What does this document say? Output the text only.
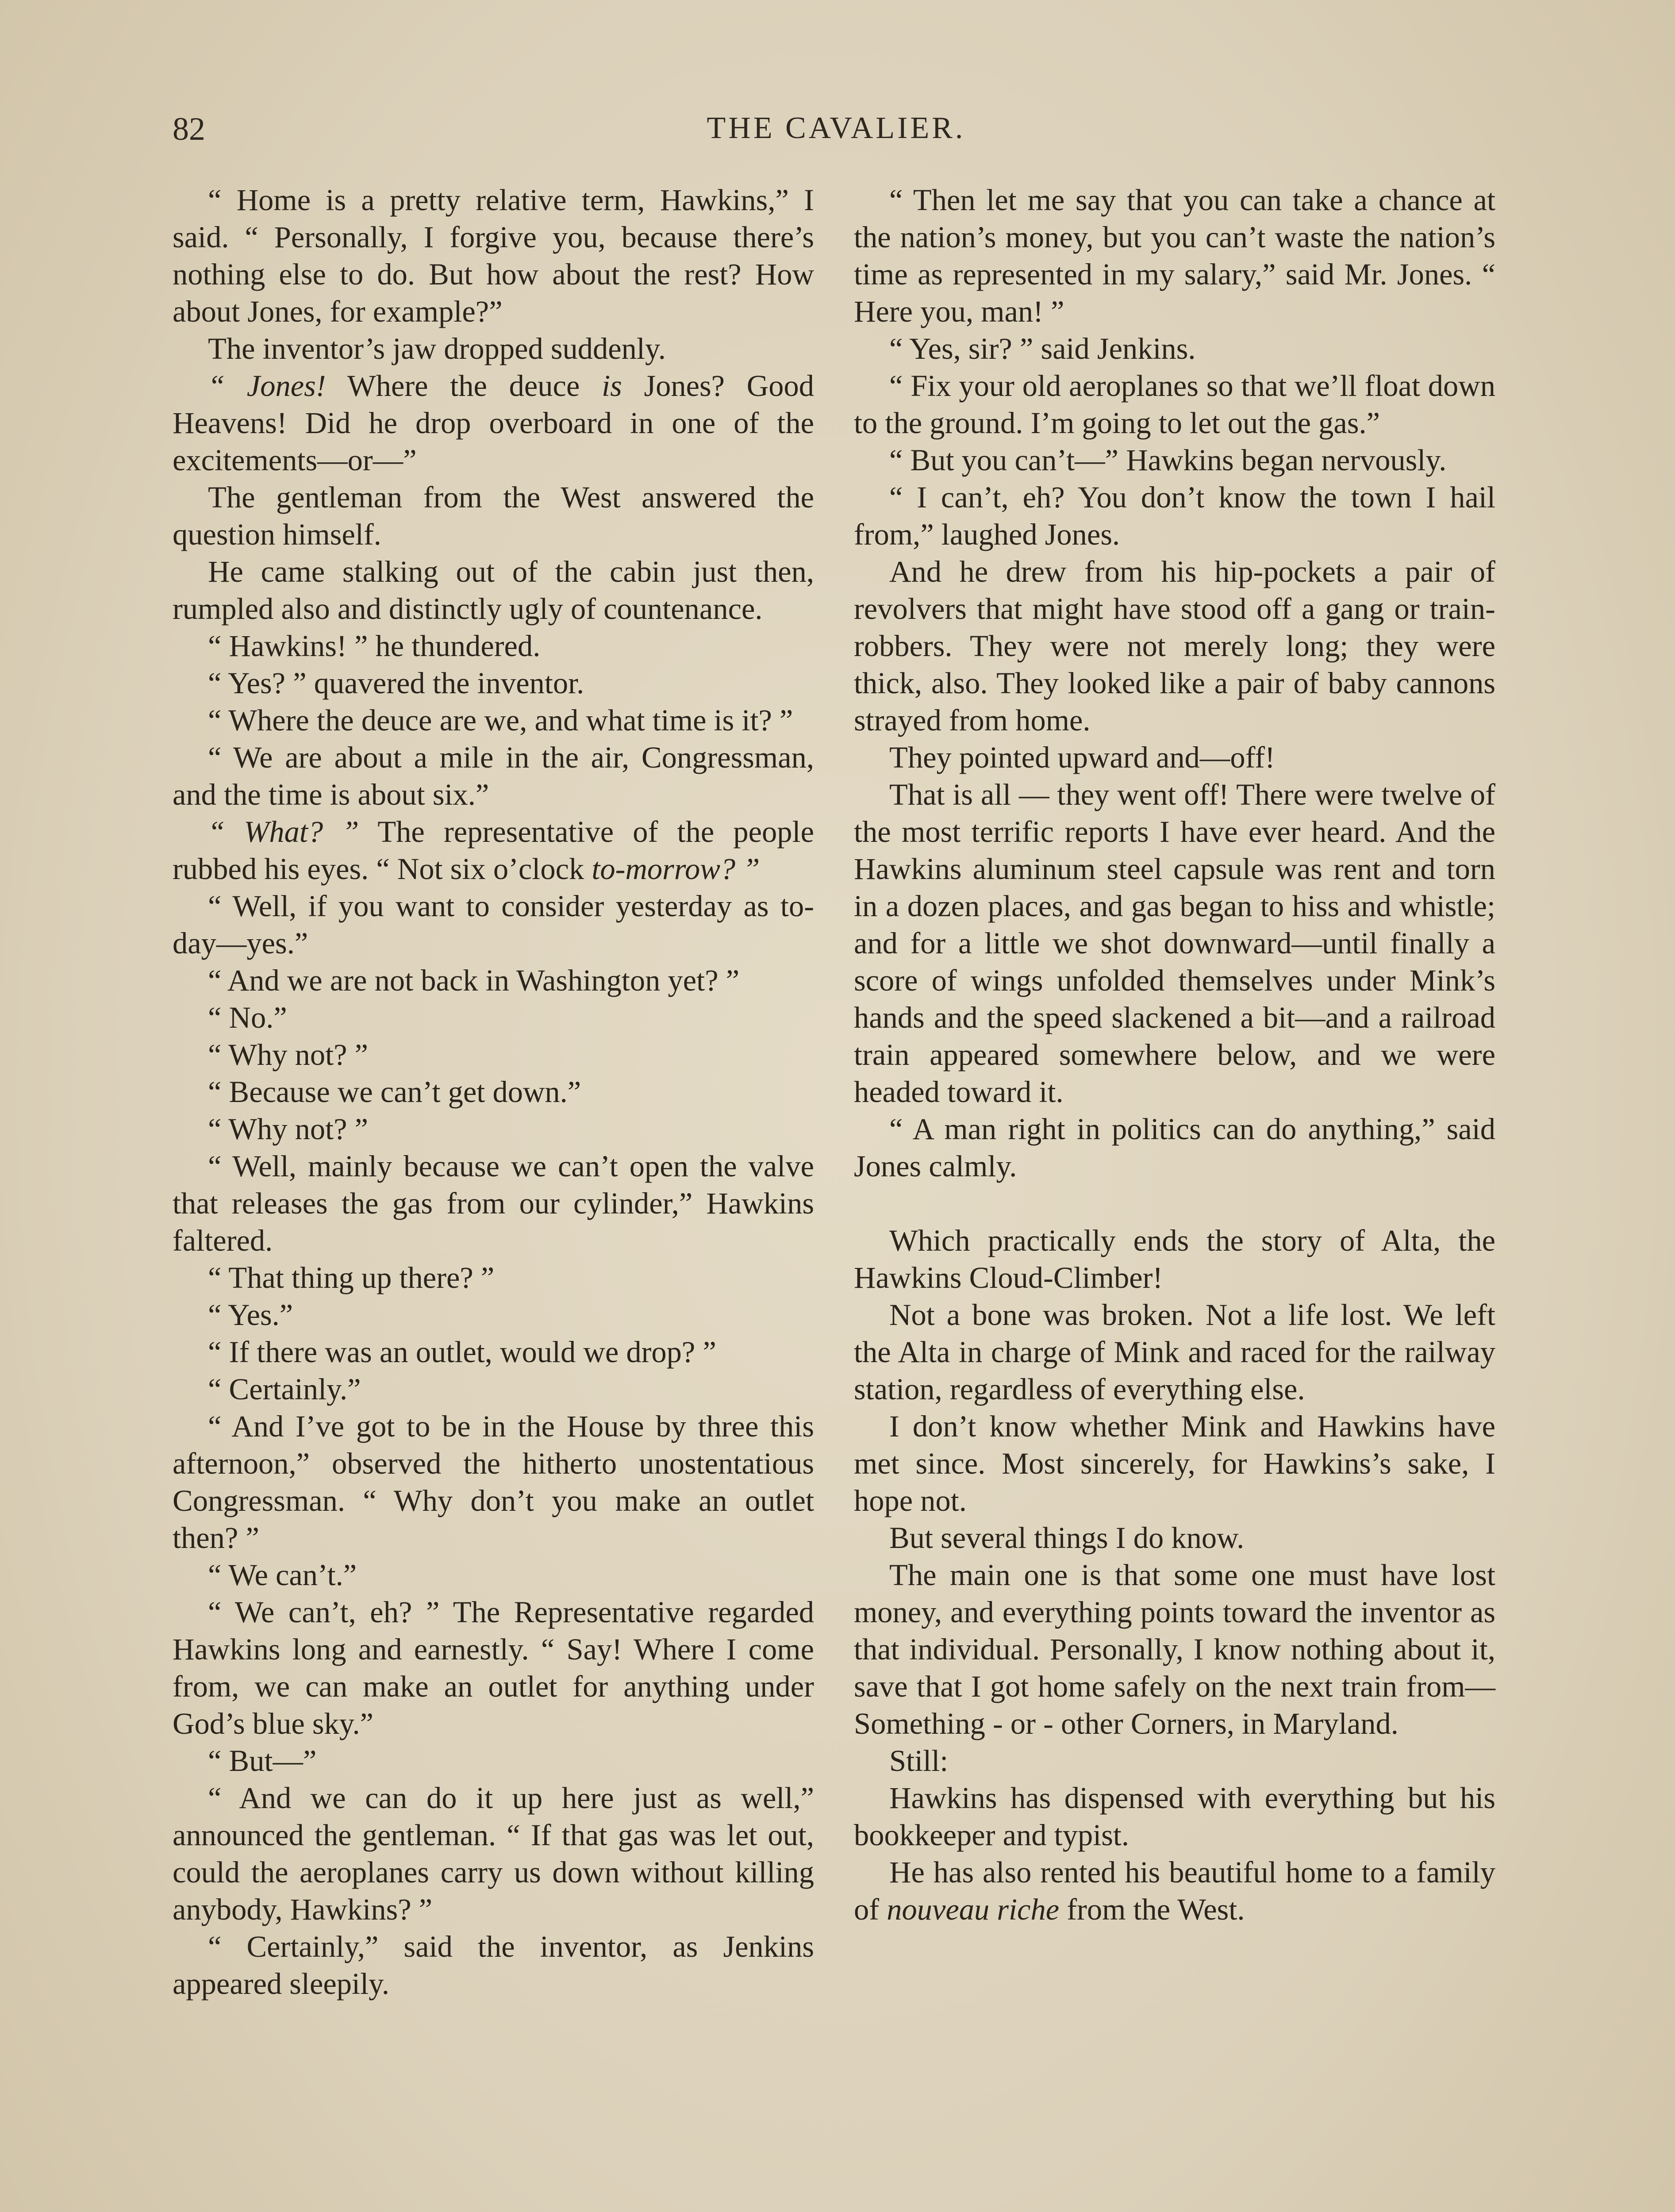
82	THE CAVALIER.

“ Home is a pretty relative term, Hawkins,” I said. “ Personally, I forgive you, because there’s nothing else to do. But how about the rest? How about Jones, for example?”

The inventor’s jaw dropped suddenly.

“ Jones! Where the deuce is Jones? Good Heavens! Did he drop overboard in one of the excitements—or—”

The gentleman from the West answered the question himself.

He came stalking out of the cabin just then, rumpled also and distinctly ugly of countenance.

“ Hawkins! ” he thundered.

“ Yes? ” quavered the inventor.

“ Where the deuce are we, and what time is it? ”

“ We are about a mile in the air, Congressman, and the time is about six.”

“ What? ” The representative of the people rubbed his eyes. “ Not six o’clock to-morrow? ”

“ Well, if you want to consider yesterday as to-day—yes.”

“ And we are not back in Washington yet? ”

“ No.”

“ Why not? ”

“ Because we can’t get down.”

“ Why not? ”

“ Well, mainly because we can’t open the valve that releases the gas from our cylinder,” Hawkins faltered.

“ That thing up there? ”

“ Yes.”

“ If there was an outlet, would we drop? ”

“ Certainly.”

“ And I’ve got to be in the House by three this afternoon,” observed the hitherto unostentatious Congressman. “ Why don’t you make an outlet then? ”

“ We can’t.”

“ We can’t, eh? ” The Representative regarded Hawkins long and earnestly. “ Say! Where I come from, we can make an outlet for anything under God’s blue sky.”

“ But—”

“ And we can do it up here just as well,” announced the gentleman. “ If that gas was let out, could the aeroplanes carry us down without killing anybody, Hawkins? ”

“ Certainly,” said the inventor, as Jenkins appeared sleepily.

“ Then let me say that you can take a chance at the nation’s money, but you can’t waste the nation’s time as represented in my salary,” said Mr. Jones. “ Here you, man! ”

“ Yes, sir? ” said Jenkins.

“ Fix your old aeroplanes so that we’ll float down to the ground. I’m going to let out the gas.”

“ But you can’t—” Hawkins began nervously.

“ I can’t, eh? You don’t know the town I hail from,” laughed Jones.

And he drew from his hip-pockets a pair of revolvers that might have stood off a gang or train-robbers. They were not merely long; they were thick, also. They looked like a pair of baby cannons strayed from home.

They pointed upward and—off!

That is all — they went off! There were twelve of the most terrific reports I have ever heard. And the Hawkins aluminum steel capsule was rent and torn in a dozen places, and gas began to hiss and whistle; and for a little we shot downward—until finally a score of wings unfolded themselves under Mink’s hands and the speed slackened a bit—and a railroad train appeared somewhere below, and we were headed toward it.

“ A man right in politics can do anything,” said Jones calmly.

Which practically ends the story of Alta, the Hawkins Cloud-Climber!

Not a bone was broken. Not a life lost. We left the Alta in charge of Mink and raced for the railway station, regardless of everything else.

I don’t know whether Mink and Hawkins have met since. Most sincerely, for Hawkins’s sake, I hope not.

But several things I do know.

The main one is that some one must have lost money, and everything points toward the inventor as that individual. Personally, I know nothing about it, save that I got home safely on the next train from—Something - or - other Corners, in Maryland.

Still:

Hawkins has dispensed with everything but his bookkeeper and typist.

He has also rented his beautiful home to a family of nouveau riche from the West.
